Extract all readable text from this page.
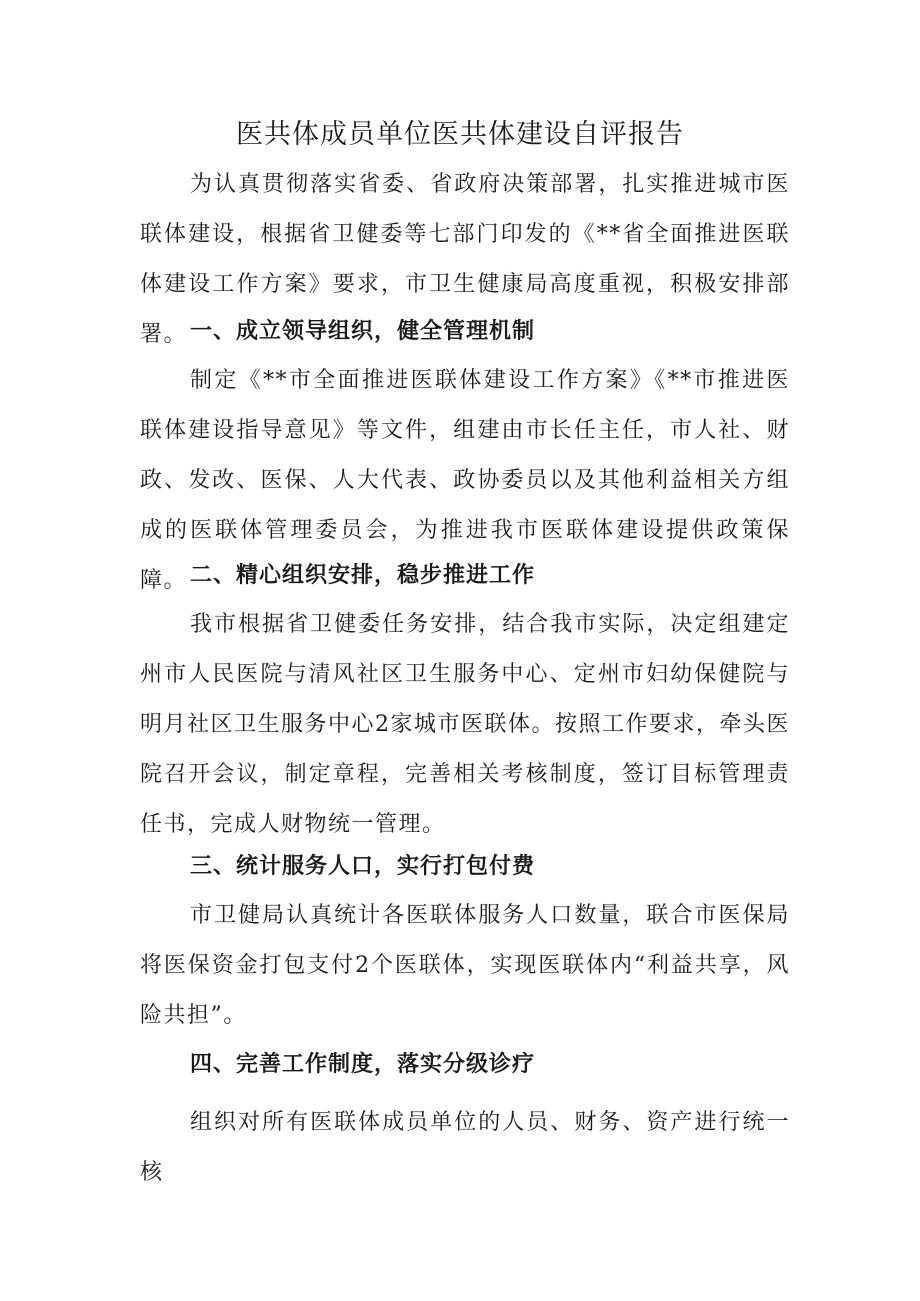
医共体成员单位医共体建设自评报告

为认真贯彻落实省委、省政府决策部署，扎实推进城市医联体建设，根据省卫健委等七部门印发的《**省全面推进医联体建设工作方案》要求，市卫生健康局高度重视，积极安排部署。 一、成立领导组织，健全管理机制

制定《**市全面推进医联体建设工作方案》《**市推进医联体建设指导意见》等文件，组建由市长任主任，市人社、财政、发改、医保、人大代表、政协委员以及其他利益相关方组成的医联体管理委员会，为推进我市医联体建设提供政策保障。 二、精心组织安排，稳步推进工作

我市根据省卫健委任务安排，结合我市实际，决定组建定州市人民医院与清风社区卫生服务中心、定州市妇幼保健院与明月社区卫生服务中心2家城市医联体。按照工作要求，牵头医院召开会议，制定章程，完善相关考核制度，签订目标管理责任书，完成人财物统一管理。

三、统计服务人口，实行打包付费

市卫健局认真统计各医联体服务人口数量，联合市医保局将医保资金打包支付2个医联体，实现医联体内“利益共享，风险共担”。

四、完善工作制度，落实分级诊疗

组织对所有医联体成员单位的人员、财务、资产进行统一核
